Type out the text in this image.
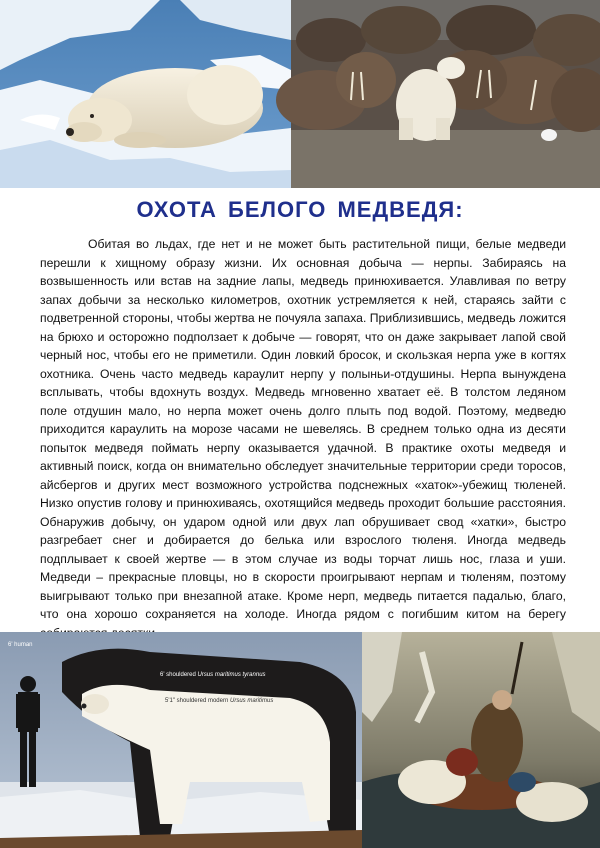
ОХОТА БЕЛОГО МЕДВЕДЯ:

Обитая во льдах, где нет и не может быть растительной пищи, белые медведи перешли к хищному образу жизни. Их основная добыча — нерпы. Забираясь на возвышенность или встав на задние лапы, медведь принюхивается. Улавливая по ветру запах добычи за несколько километров, охотник устремляется к ней, стараясь зайти с подветренной стороны, чтобы жертва не почуяла запаха. Приблизившись, медведь ложится на брюхо и осторожно подползает к добыче — говорят, что он даже закрывает лапой свой черный нос, чтобы его не приметили. Один ловкий бросок, и скользкая нерпа уже в когтях охотника. Очень часто медведь караулит нерпу у полыньи-отдушины. Нерпа вынуждена всплывать, чтобы вдохнуть воздух. Медведь мгновенно хватает её. В толстом ледяном поле отдушин мало, но нерпа может очень долго плыть под водой. Поэтому, медведю приходится караулить на морозе часами не шевелясь. В среднем только одна из десяти попыток медведя поймать нерпу оказывается удачной. В практике охоты медведя и активный поиск, когда он внимательно обследует значительные территории среди торосов, айсбергов и других мест возможного устройства подснежных «хаток»-убежищ тюленей. Низко опустив голову и принюхиваясь, охотящийся медведь проходит большие расстояния. Обнаружив добычу, он ударом одной или двух лап обрушивает свод «хатки», быстро разгребает снег и добирается до белька или взрослого тюленя. Иногда медведь подплывает к своей жертве — в этом случае из воды торчат лишь нос, глаза и уши. Медведи – прекрасные пловцы, но в скорости проигрывают нерпам и тюленям, поэтому выигрывают только при внезапной атаке. Кроме нерп, медведь питается падалью, благо, что она хорошо сохраняется на холоде. Иногда рядом с погибшим китом на берегу

6' human
6' shouldered Ursus maritimus tyrannus
5'1" shouldered modern Ursus maritimus
